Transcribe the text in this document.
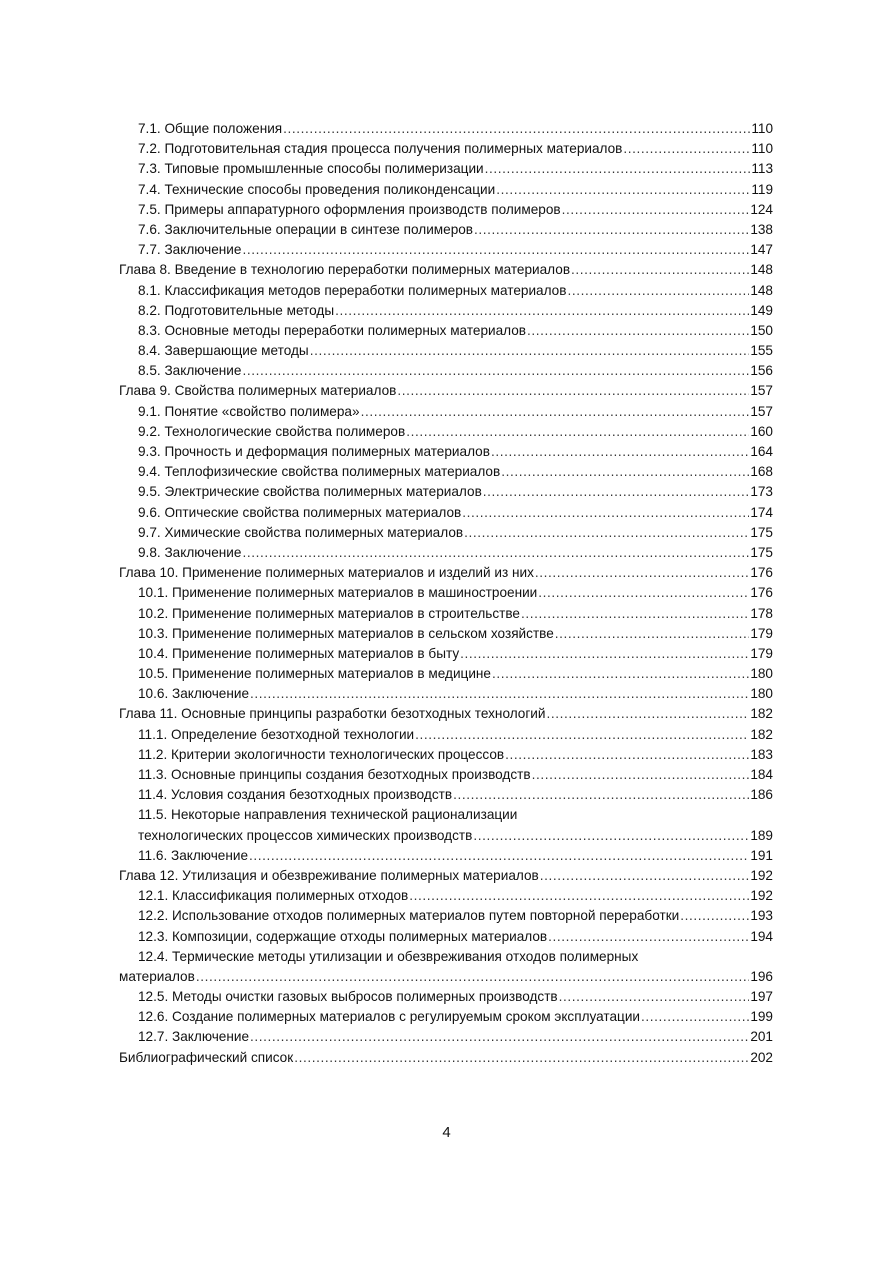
7.1. Общие положения .....	110
7.2. Подготовительная стадия процесса получения полимерных материалов .....	110
7.3. Типовые промышленные способы полимеризации .....	113
7.4. Технические способы проведения поликонденсации .....	119
7.5. Примеры аппаратурного оформления производств полимеров .....	124
7.6. Заключительные операции в синтезе полимеров .....	138
7.7. Заключение .....	147
Глава 8. Введение в технологию переработки полимерных материалов .....	148
8.1. Классификация методов переработки полимерных материалов .....	148
8.2. Подготовительные методы .....	149
8.3. Основные методы переработки полимерных материалов .....	150
8.4. Завершающие методы .....	155
8.5. Заключение .....	156
Глава 9. Свойства полимерных материалов .....	157
9.1. Понятие «свойство полимера» .....	157
9.2. Технологические свойства полимеров .....	160
9.3. Прочность и деформация полимерных материалов .....	164
9.4. Теплофизические свойства полимерных материалов .....	168
9.5. Электрические свойства полимерных материалов .....	173
9.6. Оптические свойства полимерных материалов .....	174
9.7. Химические свойства полимерных материалов .....	175
9.8. Заключение .....	175
Глава 10. Применение полимерных материалов и изделий из них .....	176
10.1. Применение полимерных материалов в машиностроении .....	176
10.2. Применение полимерных материалов в строительстве .....	178
10.3. Применение полимерных материалов в сельском хозяйстве .....	179
10.4. Применение полимерных материалов в быту .....	179
10.5. Применение полимерных материалов в медицине .....	180
10.6. Заключение .....	180
Глава 11. Основные принципы разработки безотходных технологий .....	182
11.1. Определение безотходной технологии .....	182
11.2. Критерии экологичности технологических процессов .....	183
11.3. Основные принципы создания безотходных производств .....	184
11.4. Условия создания безотходных производств .....	186
11.5. Некоторые направления технической рационализации
технологических процессов химических производств .....	189
11.6. Заключение .....	191
Глава 12. Утилизация и обезвреживание полимерных материалов .....	192
12.1. Классификация полимерных отходов .....	192
12.2. Использование отходов полимерных материалов путем повторной переработки .....	193
12.3. Композиции, содержащие отходы полимерных материалов .....	194
12.4. Термические методы утилизации и обезвреживания отходов полимерных
материалов .....	196
12.5. Методы очистки газовых выбросов полимерных производств .....	197
12.6. Создание полимерных материалов с регулируемым сроком эксплуатации .....	199
12.7. Заключение .....	201
Библиографический список .....	202
4
